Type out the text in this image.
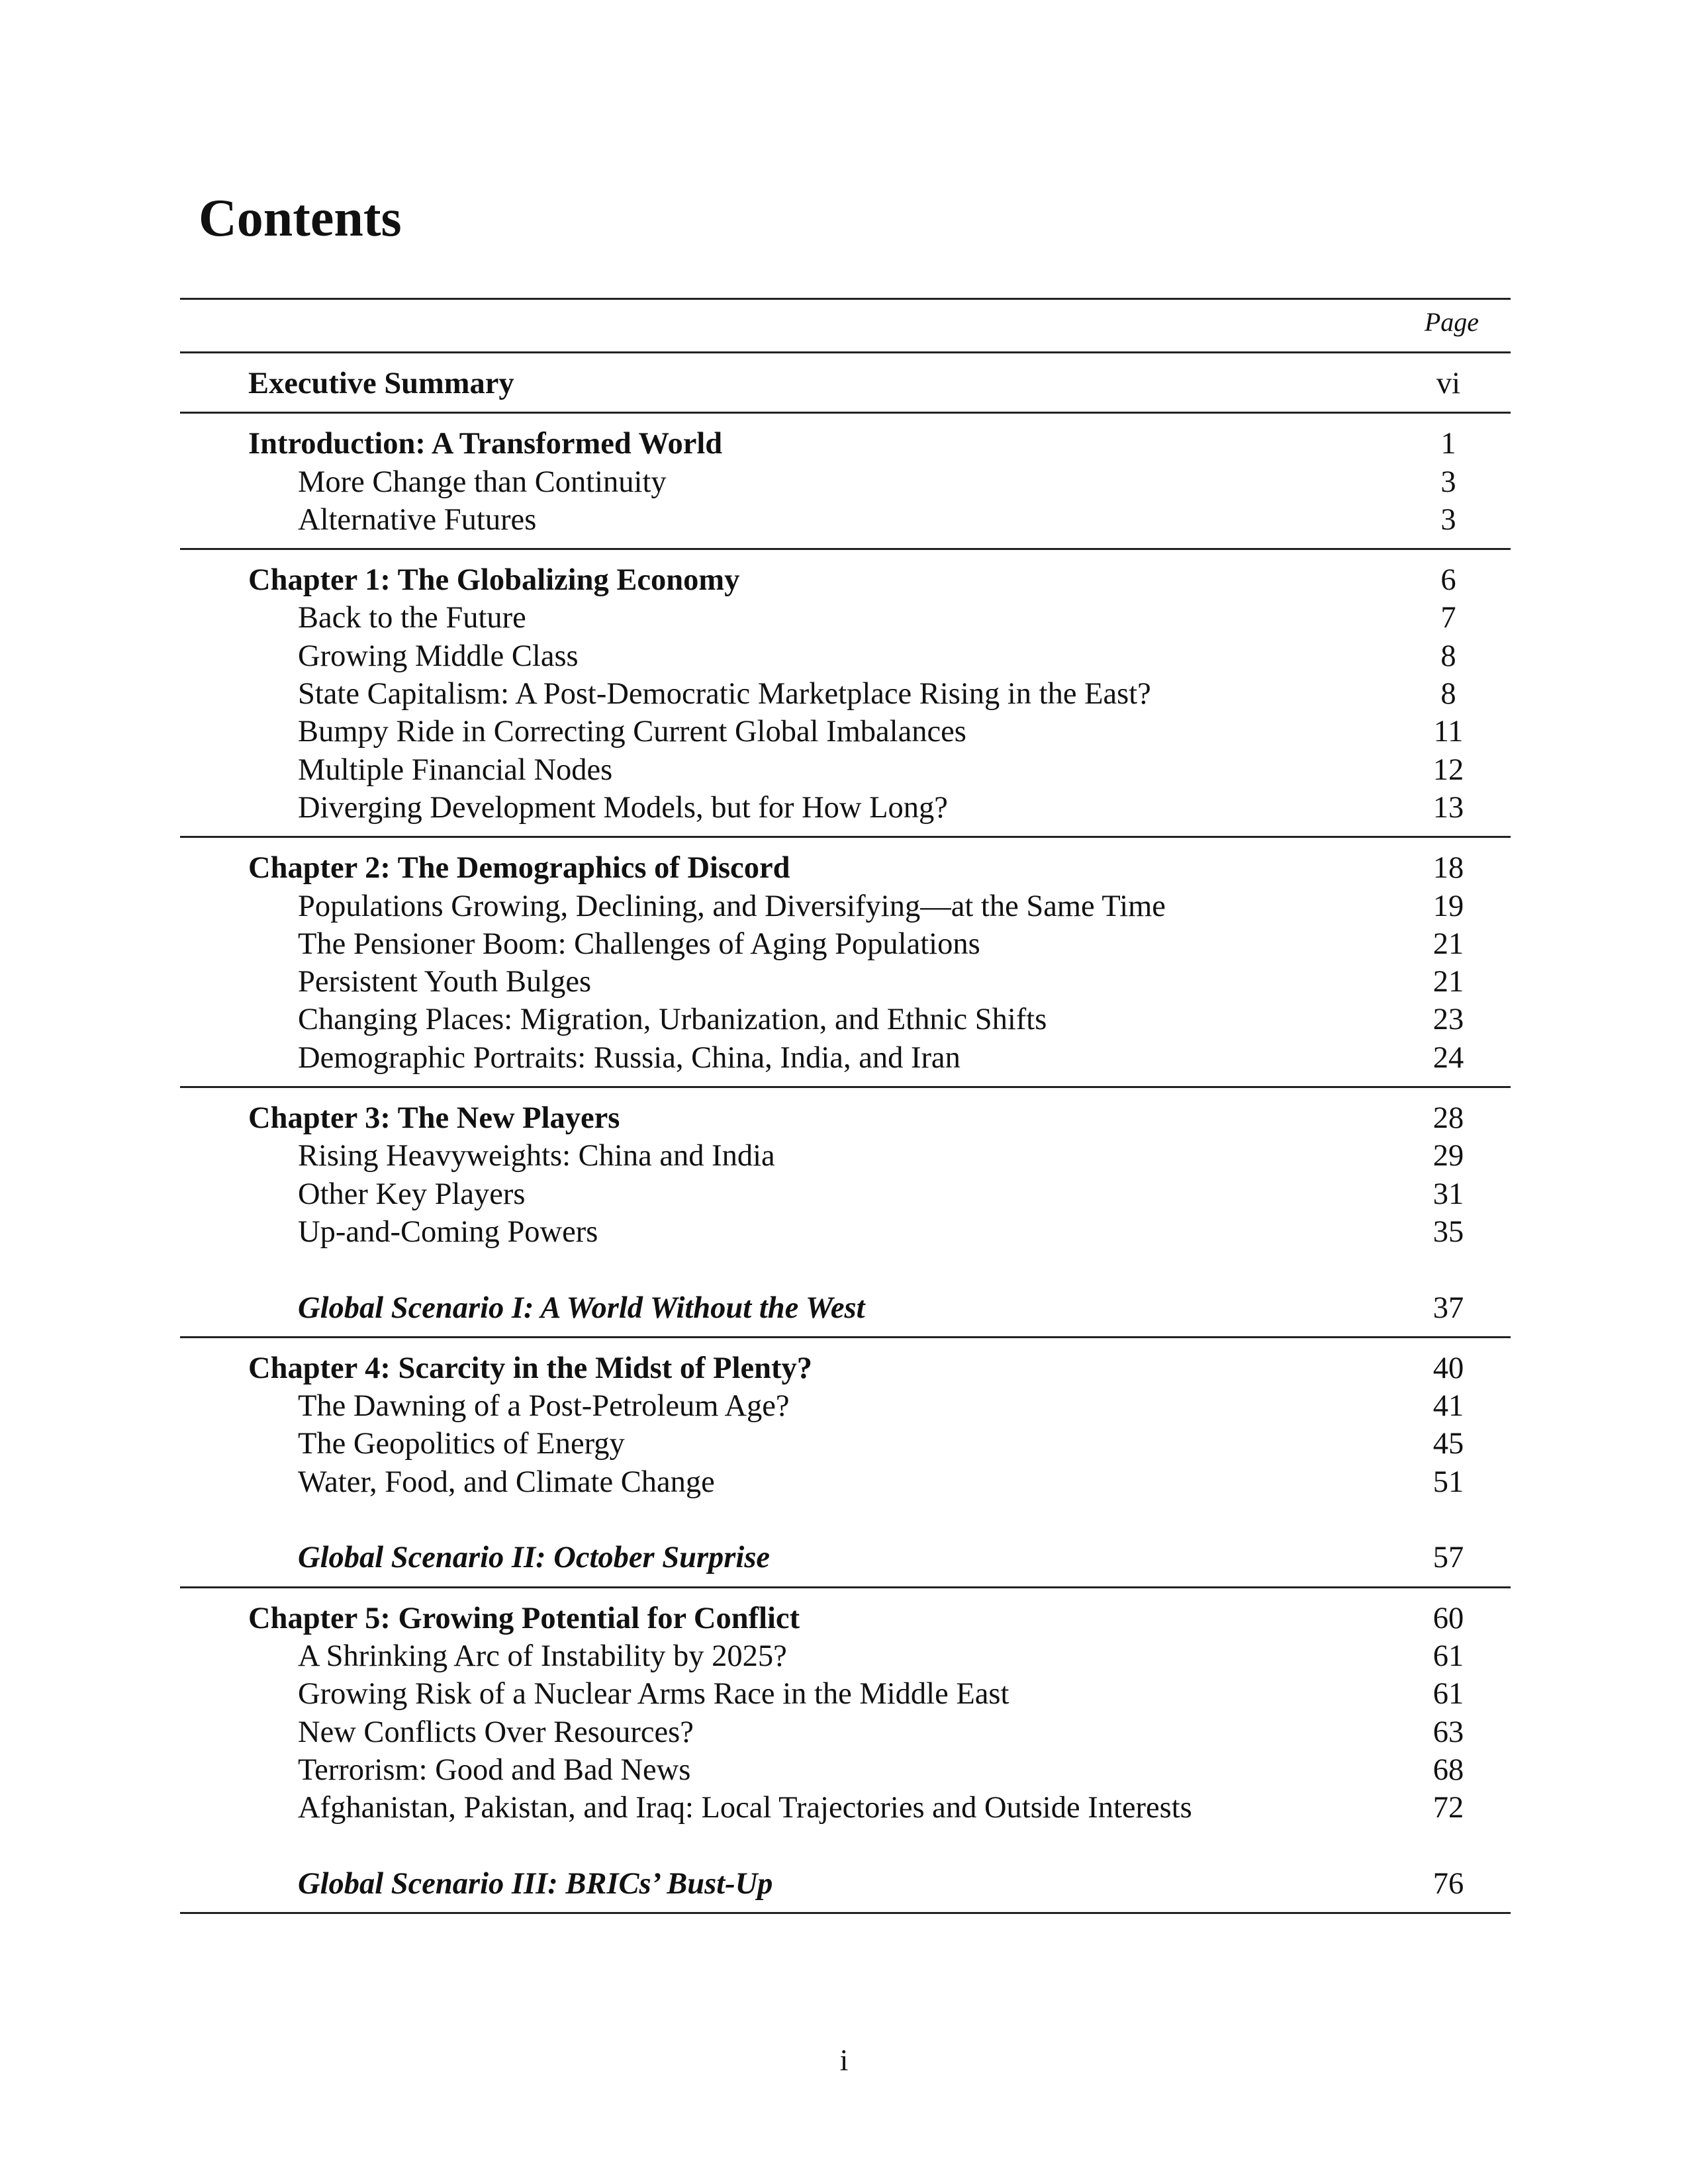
Contents
Page
Executive Summary	vi
Introduction: A Transformed World	1
More Change than Continuity	3
Alternative Futures	3
Chapter 1: The Globalizing Economy	6
Back to the Future	7
Growing Middle Class	8
State Capitalism: A Post-Democratic Marketplace Rising in the East?	8
Bumpy Ride in Correcting Current Global Imbalances	11
Multiple Financial Nodes	12
Diverging Development Models, but for How Long?	13
Chapter 2: The Demographics of Discord	18
Populations Growing, Declining, and Diversifying—at the Same Time	19
The Pensioner Boom: Challenges of Aging Populations	21
Persistent Youth Bulges	21
Changing Places: Migration, Urbanization, and Ethnic Shifts	23
Demographic Portraits: Russia, China, India, and Iran	24
Chapter 3: The New Players	28
Rising Heavyweights: China and India	29
Other Key Players	31
Up-and-Coming Powers	35
Global Scenario I: A World Without the West	37
Chapter 4: Scarcity in the Midst of Plenty?	40
The Dawning of a Post-Petroleum Age?	41
The Geopolitics of Energy	45
Water, Food, and Climate Change	51
Global Scenario II: October Surprise	57
Chapter 5: Growing Potential for Conflict	60
A Shrinking Arc of Instability by 2025?	61
Growing Risk of a Nuclear Arms Race in the Middle East	61
New Conflicts Over Resources?	63
Terrorism: Good and Bad News	68
Afghanistan, Pakistan, and Iraq: Local Trajectories and Outside Interests	72
Global Scenario III: BRICs’ Bust-Up	76
i
